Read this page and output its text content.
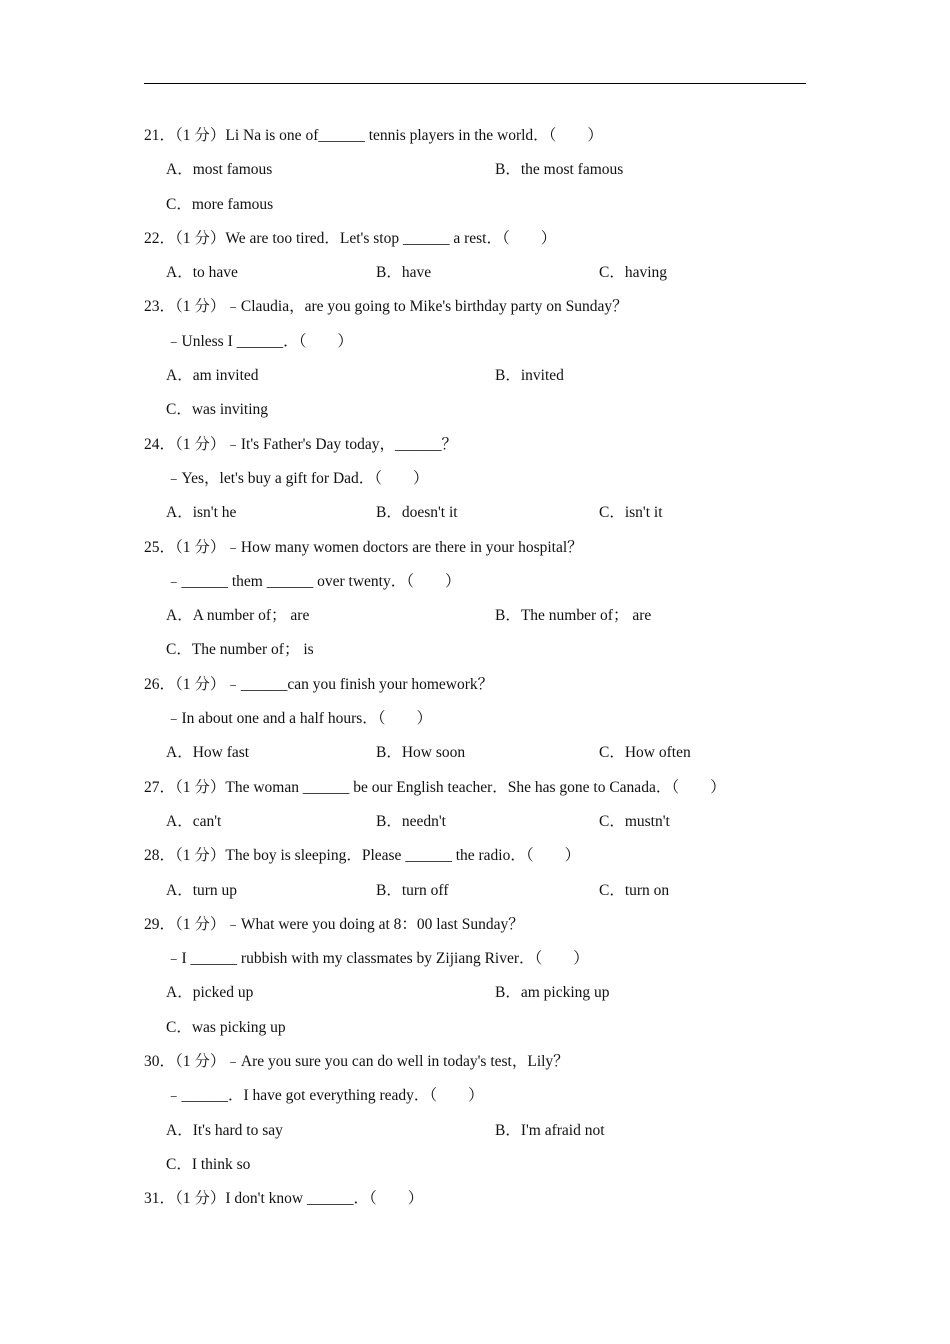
21．（1 分）Li Na is one of______ tennis players in the world．（　　）

A．most famous

	B．the most famous

C．more famous

22．（1 分）We are too tired．Let's stop ______ a rest．（　　）

A．to have

	B．have

	C．having

23．（1 分）﹣Claudia，are you going to Mike's birthday party on Sunday？
﹣Unless I ______．（　　）

A．am invited

	B．invited

C．was inviting

24．（1 分）﹣It's Father's Day today，______？
﹣Yes，let's buy a gift for Dad．（　　）

A．isn't he

	B．doesn't it

	C．isn't it

25．（1 分）﹣How many women doctors are there in your hospital？
﹣______ them ______ over twenty．（　　）

A．A number of； are

	B．The number of； are

C．The number of； is

26．（1 分）﹣______can you finish your homework？
﹣In about one and a half hours．（　　）

A．How fast

	B．How soon

	C．How often

27．（1 分）The woman ______ be our English teacher．She has gone to Canada．（　　）

A．can't

	B．needn't

	C．mustn't

28．（1 分）The boy is sleeping．Please ______ the radio．（　　）

A．turn up

	B．turn off

	C．turn on

29．（1 分）﹣What were you doing at 8：00 last Sunday？
﹣I ______ rubbish with my classmates by Zijiang River．（　　）

A．picked up

	B．am picking up

C．was picking up

30．（1 分）﹣Are you sure you can do well in today's test，Lily？
﹣______．I have got everything ready．（　　）

A．It's hard to say

	B．I'm afraid not

C．I think so

31．（1 分）I don't know ______．（　　）
